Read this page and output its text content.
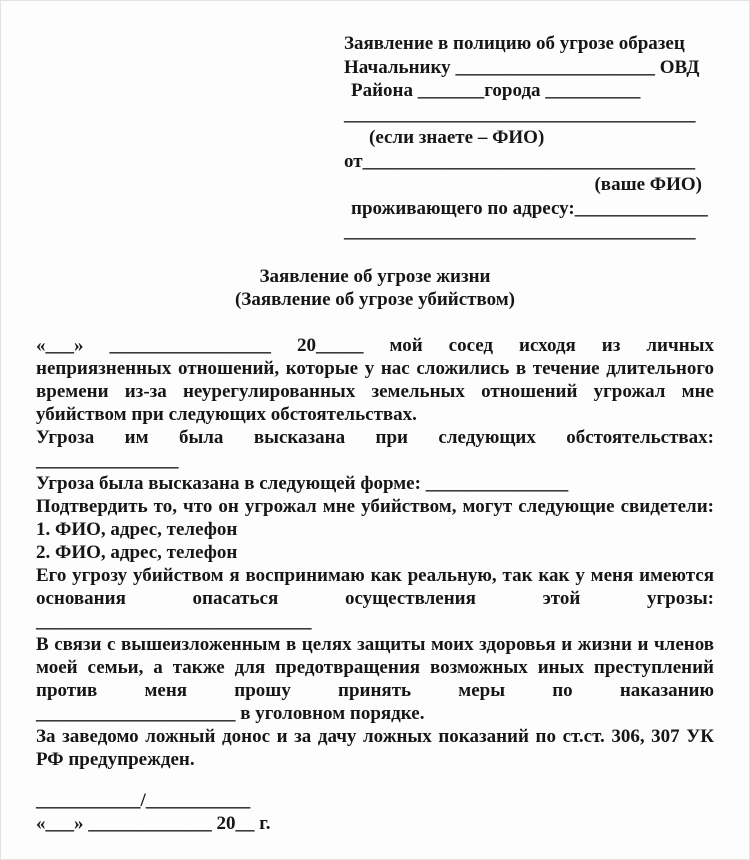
Заявление в полицию об угрозе образец
Начальнику _____________________ ОВД
Района _______города __________
_____________________________________
(если знаете – ФИО)
от___________________________________
(ваше ФИО)
проживающего по адресу:______________
_____________________________________
Заявление об угрозе жизни
(Заявление об угрозе убийством)
«___» _________________ 20_____ мой сосед исходя из личных
неприязненных отношений, которые у нас сложились в течение длительного
времени из-за неурегулированных земельных отношений угрожал мне
убийством при следующих обстоятельствах.
Угроза им была высказана при следующих обстоятельствах:
_______________
Угроза была высказана в следующей форме: _______________
Подтвердить то, что он угрожал мне убийством, могут следующие свидетели:
1. ФИО, адрес, телефон
2. ФИО, адрес, телефон
Его угрозу убийством я воспринимаю как реальную, так как у меня имеются
основания опасаться осуществления этой угрозы:
_____________________________
В связи с вышеизложенным в целях защиты моих здоровья и жизни и членов
моей семьи, а также для предотвращения возможных иных преступлений
против меня прошу принять меры по наказанию
_____________________ в уголовном порядке.
За заведомо ложный донос и за дачу ложных показаний по ст.ст. 306, 307 УК
РФ предупрежден.
___________/___________
«___» _____________ 20__ г.
